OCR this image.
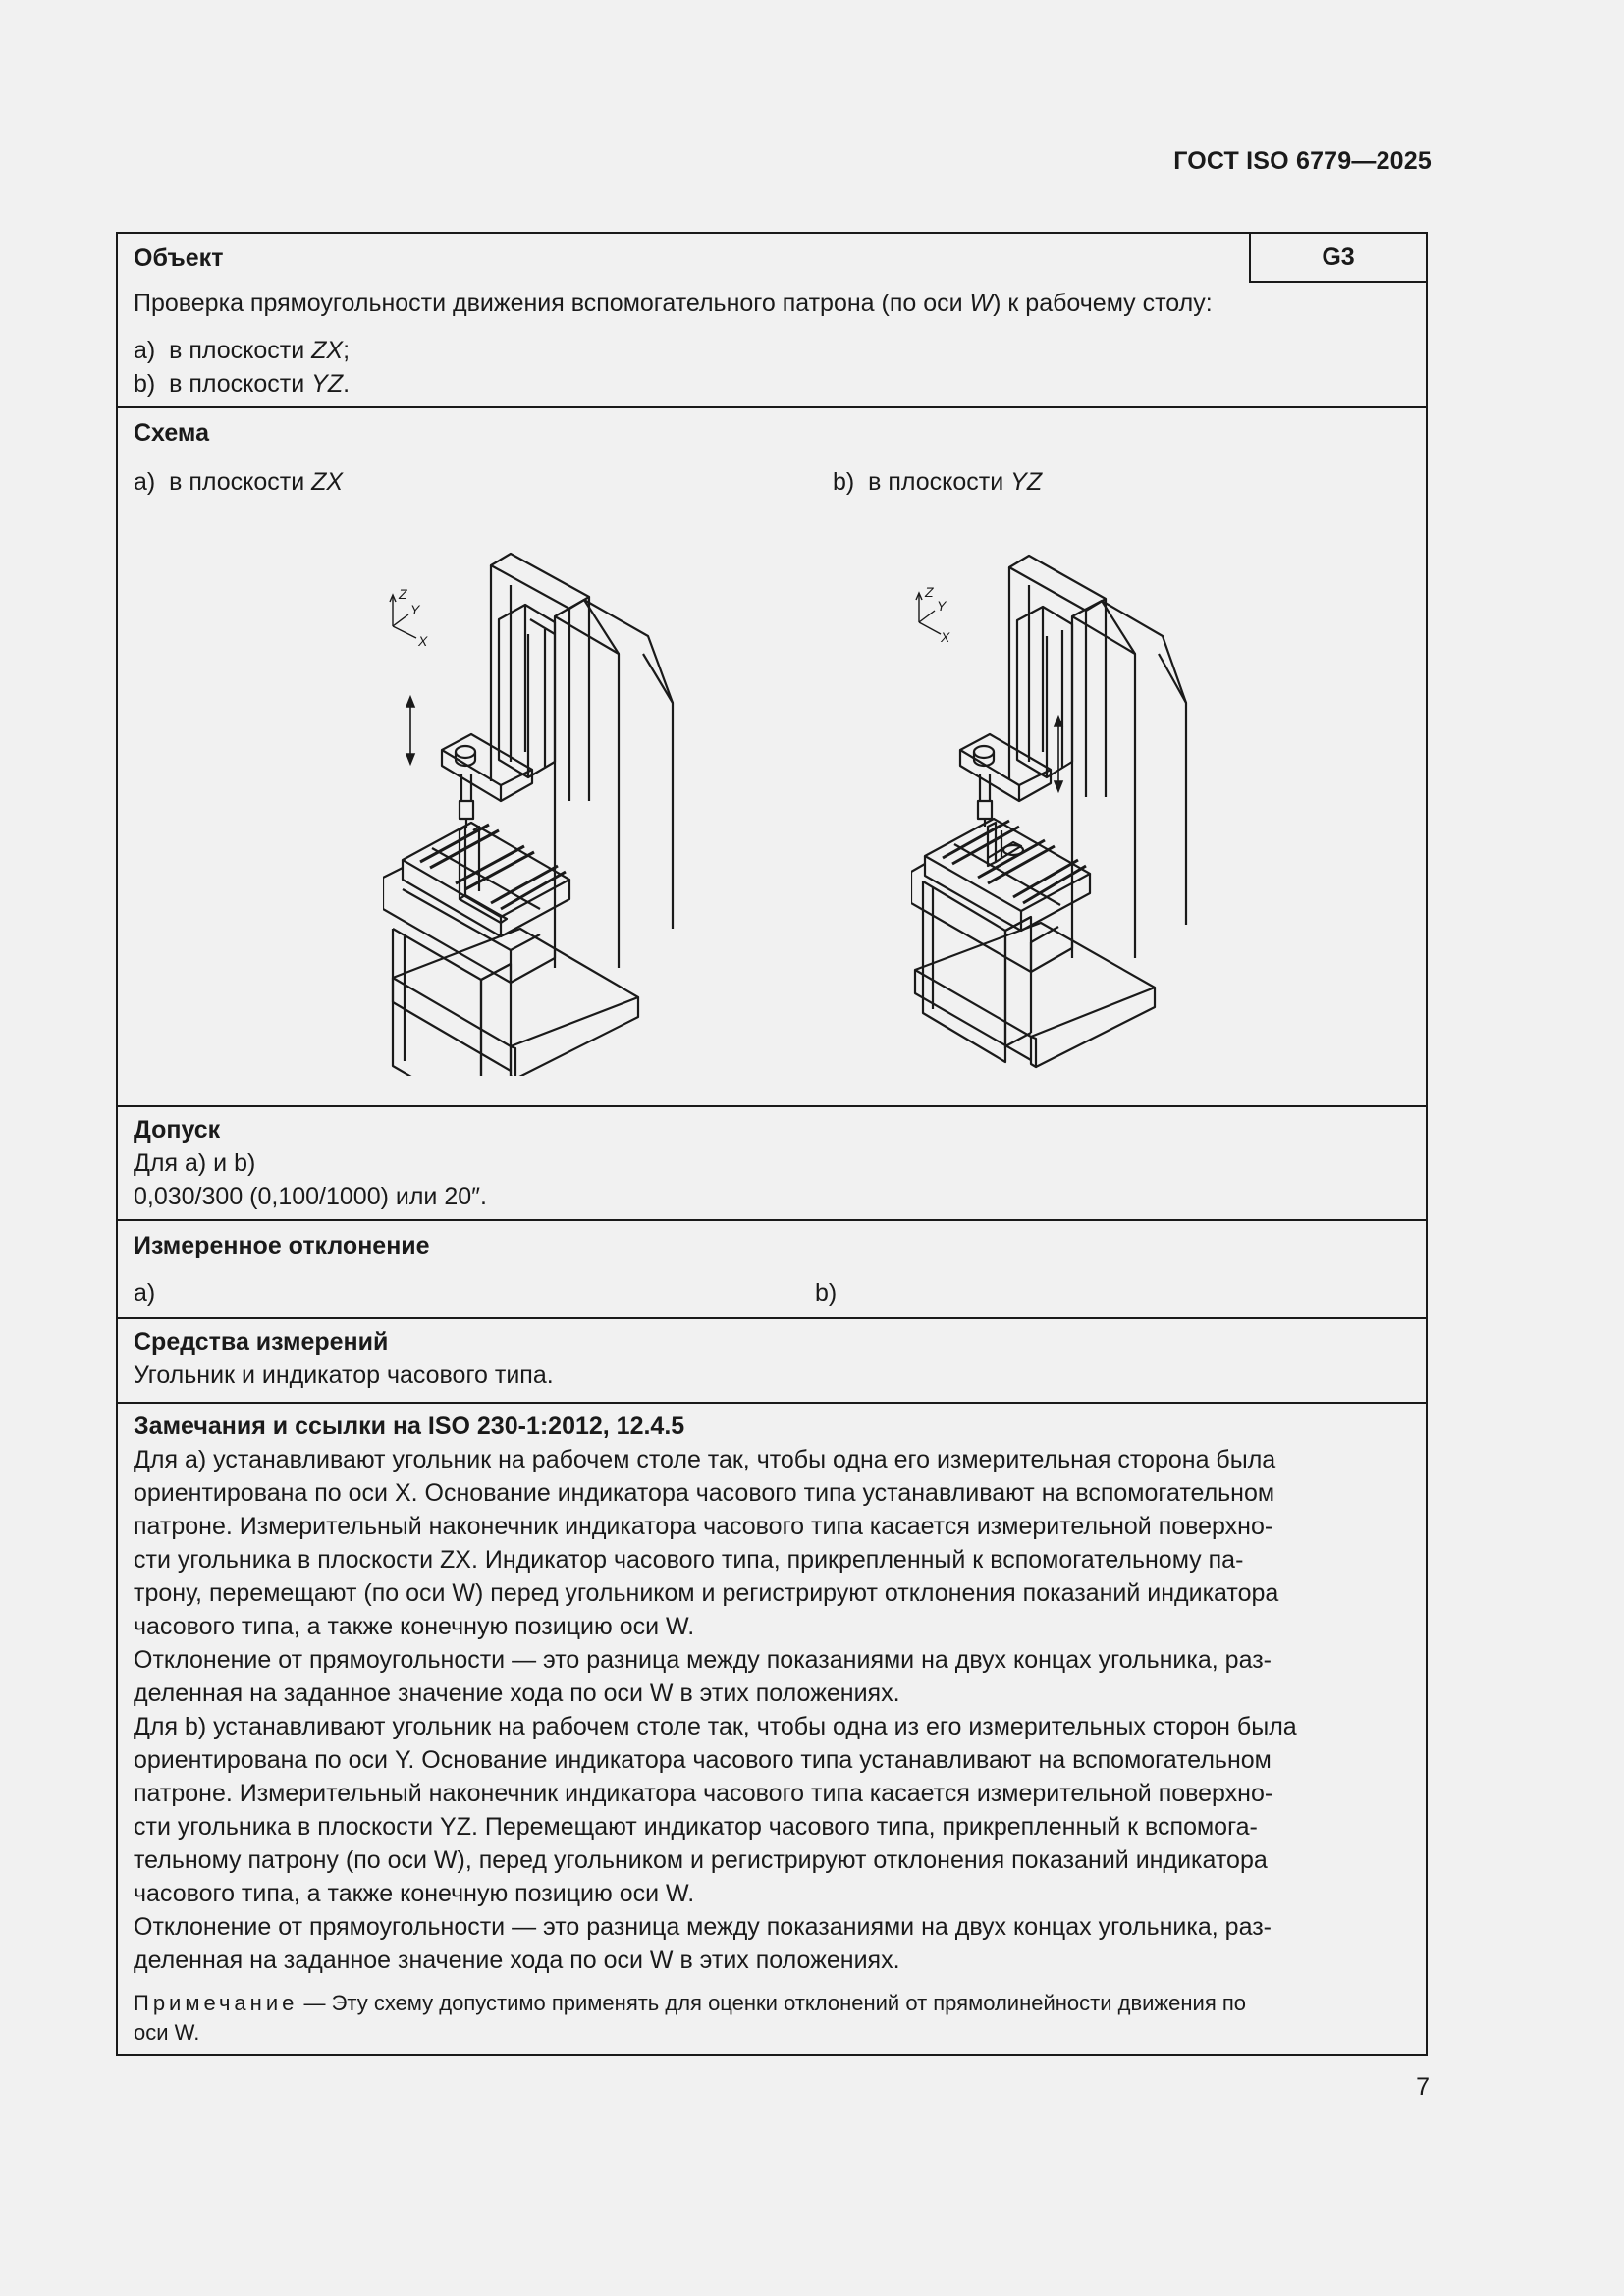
ГОСТ ISO 6779—2025
Объект	G3
Проверка прямоугольности движения вспомогательного патрона (по оси W) к рабочему столу:
a)  в плоскости ZX;
b)  в плоскости YZ.
Схема
a)  в плоскости ZX	b)  в плоскости YZ
Z
Y
X
Z
Y
X
Допуск
Для а) и b)
0,030/300 (0,100/1000) или 20″.
Измеренное отклонение
a)	b)
Средства измерений
Угольник и индикатор часового типа.
Замечания и ссылки на ISO 230-1:2012, 12.4.5
Для а) устанавливают угольник на рабочем столе так, чтобы одна его измерительная сторона была
ориентирована по оси X. Основание индикатора часового типа устанавливают на вспомогательном
патроне. Измерительный наконечник индикатора часового типа касается измерительной поверхно-
сти угольника в плоскости ZX. Индикатор часового типа, прикрепленный к вспомогательному па-
трону, перемещают (по оси W) перед угольником и регистрируют отклонения показаний индикатора
часового типа, а также конечную позицию оси W.
Отклонение от прямоугольности — это разница между показаниями на двух концах угольника, раз-
деленная на заданное значение хода по оси W в этих положениях.
Для b) устанавливают угольник на рабочем столе так, чтобы одна из его измерительных сторон была
ориентирована по оси Y. Основание индикатора часового типа устанавливают на вспомогательном
патроне. Измерительный наконечник индикатора часового типа касается измерительной поверхно-
сти угольника в плоскости YZ. Перемещают индикатор часового типа, прикрепленный к вспомога-
тельному патрону (по оси W), перед угольником и регистрируют отклонения показаний индикатора
часового типа, а также конечную позицию оси W.
Отклонение от прямоугольности — это разница между показаниями на двух концах угольника, раз-
деленная на заданное значение хода по оси W в этих положениях.
Примечание — Эту схему допустимо применять для оценки отклонений от прямолинейности движения по
оси W.
7
